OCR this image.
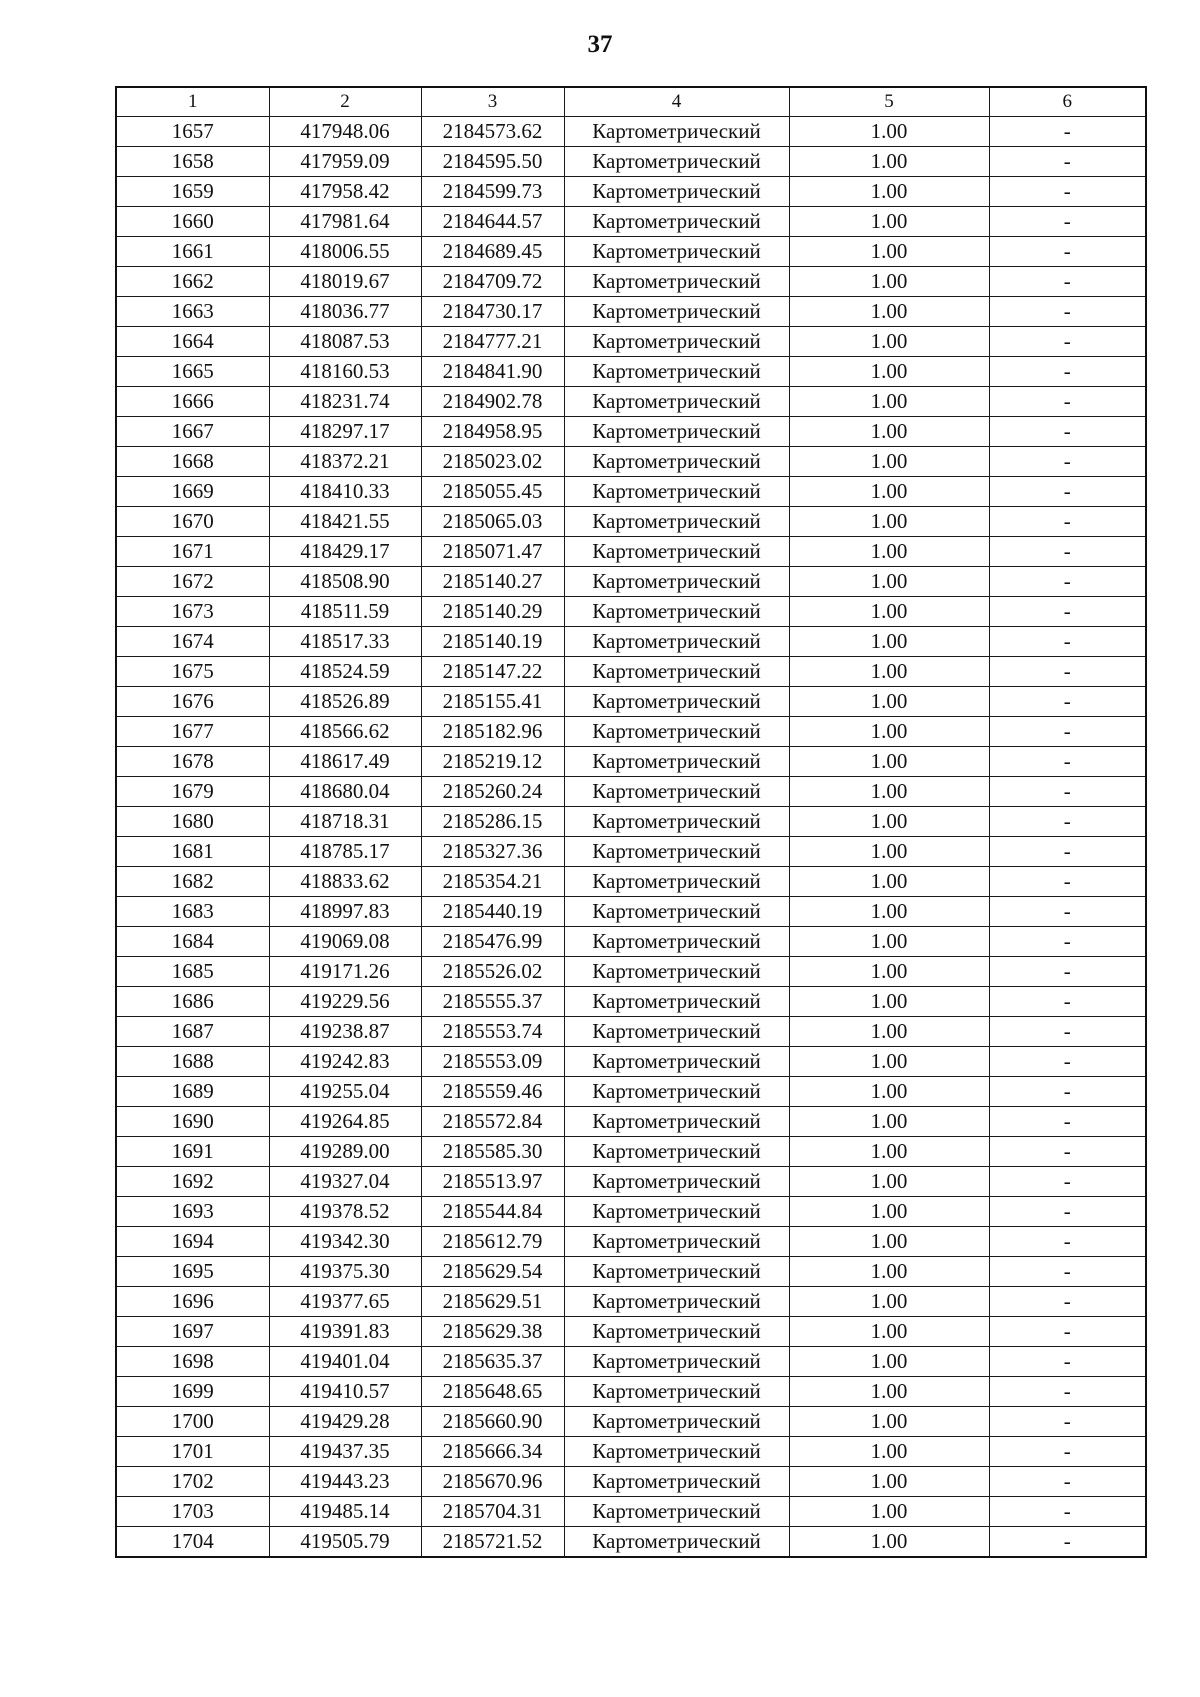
37
1	2	3	4	5	6
1657	417948.06	2184573.62	Картометрический	1.00	-
1658	417959.09	2184595.50	Картометрический	1.00	-
1659	417958.42	2184599.73	Картометрический	1.00	-
1660	417981.64	2184644.57	Картометрический	1.00	-
1661	418006.55	2184689.45	Картометрический	1.00	-
1662	418019.67	2184709.72	Картометрический	1.00	-
1663	418036.77	2184730.17	Картометрический	1.00	-
1664	418087.53	2184777.21	Картометрический	1.00	-
1665	418160.53	2184841.90	Картометрический	1.00	-
1666	418231.74	2184902.78	Картометрический	1.00	-
1667	418297.17	2184958.95	Картометрический	1.00	-
1668	418372.21	2185023.02	Картометрический	1.00	-
1669	418410.33	2185055.45	Картометрический	1.00	-
1670	418421.55	2185065.03	Картометрический	1.00	-
1671	418429.17	2185071.47	Картометрический	1.00	-
1672	418508.90	2185140.27	Картометрический	1.00	-
1673	418511.59	2185140.29	Картометрический	1.00	-
1674	418517.33	2185140.19	Картометрический	1.00	-
1675	418524.59	2185147.22	Картометрический	1.00	-
1676	418526.89	2185155.41	Картометрический	1.00	-
1677	418566.62	2185182.96	Картометрический	1.00	-
1678	418617.49	2185219.12	Картометрический	1.00	-
1679	418680.04	2185260.24	Картометрический	1.00	-
1680	418718.31	2185286.15	Картометрический	1.00	-
1681	418785.17	2185327.36	Картометрический	1.00	-
1682	418833.62	2185354.21	Картометрический	1.00	-
1683	418997.83	2185440.19	Картометрический	1.00	-
1684	419069.08	2185476.99	Картометрический	1.00	-
1685	419171.26	2185526.02	Картометрический	1.00	-
1686	419229.56	2185555.37	Картометрический	1.00	-
1687	419238.87	2185553.74	Картометрический	1.00	-
1688	419242.83	2185553.09	Картометрический	1.00	-
1689	419255.04	2185559.46	Картометрический	1.00	-
1690	419264.85	2185572.84	Картометрический	1.00	-
1691	419289.00	2185585.30	Картометрический	1.00	-
1692	419327.04	2185513.97	Картометрический	1.00	-
1693	419378.52	2185544.84	Картометрический	1.00	-
1694	419342.30	2185612.79	Картометрический	1.00	-
1695	419375.30	2185629.54	Картометрический	1.00	-
1696	419377.65	2185629.51	Картометрический	1.00	-
1697	419391.83	2185629.38	Картометрический	1.00	-
1698	419401.04	2185635.37	Картометрический	1.00	-
1699	419410.57	2185648.65	Картометрический	1.00	-
1700	419429.28	2185660.90	Картометрический	1.00	-
1701	419437.35	2185666.34	Картометрический	1.00	-
1702	419443.23	2185670.96	Картометрический	1.00	-
1703	419485.14	2185704.31	Картометрический	1.00	-
1704	419505.79	2185721.52	Картометрический	1.00	-
